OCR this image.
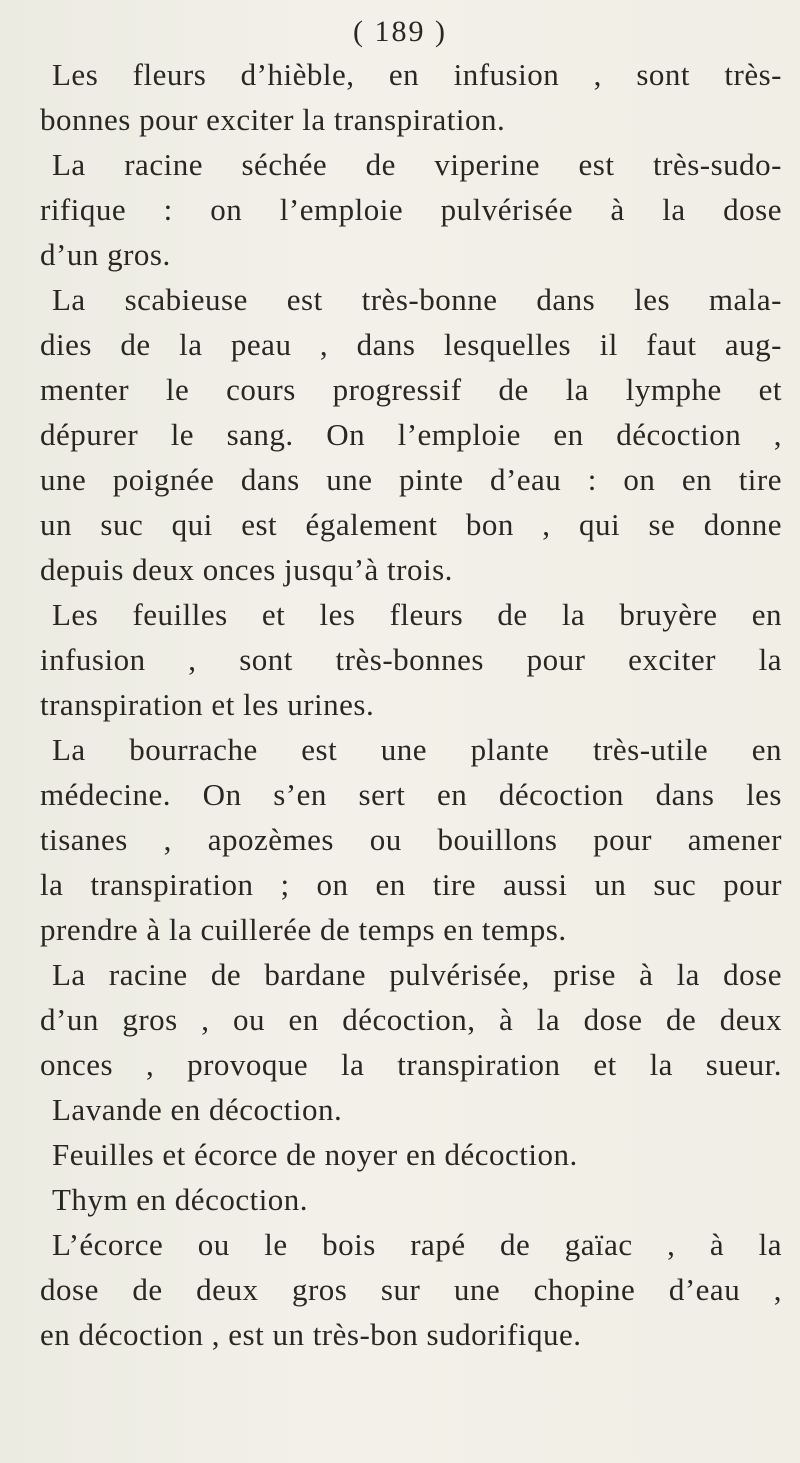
( 189 )
Les fleurs d’hièble, en infusion , sont très-
bonnes pour exciter la transpiration.
La racine séchée de viperine est très-sudo-
rifique : on l’emploie pulvérisée à la dose
d’un gros.
La scabieuse est très-bonne dans les mala-
dies de la peau , dans lesquelles il faut aug-
menter le cours progressif de la lymphe et
dépurer le sang. On l’emploie en décoction ,
une poignée dans une pinte d’eau : on en tire
un suc qui est également bon , qui se donne
depuis deux onces jusqu’à trois.
Les feuilles et les fleurs de la bruyère en
infusion , sont très-bonnes pour exciter la
transpiration et les urines.
La bourrache est une plante très-utile en
médecine. On s’en sert en décoction dans les
tisanes , apozèmes ou bouillons pour amener
la transpiration ; on en tire aussi un suc pour
prendre à la cuillerée de temps en temps.
La racine de bardane pulvérisée, prise à la dose
d’un gros , ou en décoction, à la dose de deux
onces , provoque la transpiration et la sueur.
Lavande en décoction.
Feuilles et écorce de noyer en décoction.
Thym en décoction.
L’écorce ou le bois rapé de gaïac , à la
dose de deux gros sur une chopine d’eau ,
en décoction , est un très-bon sudorifique.
